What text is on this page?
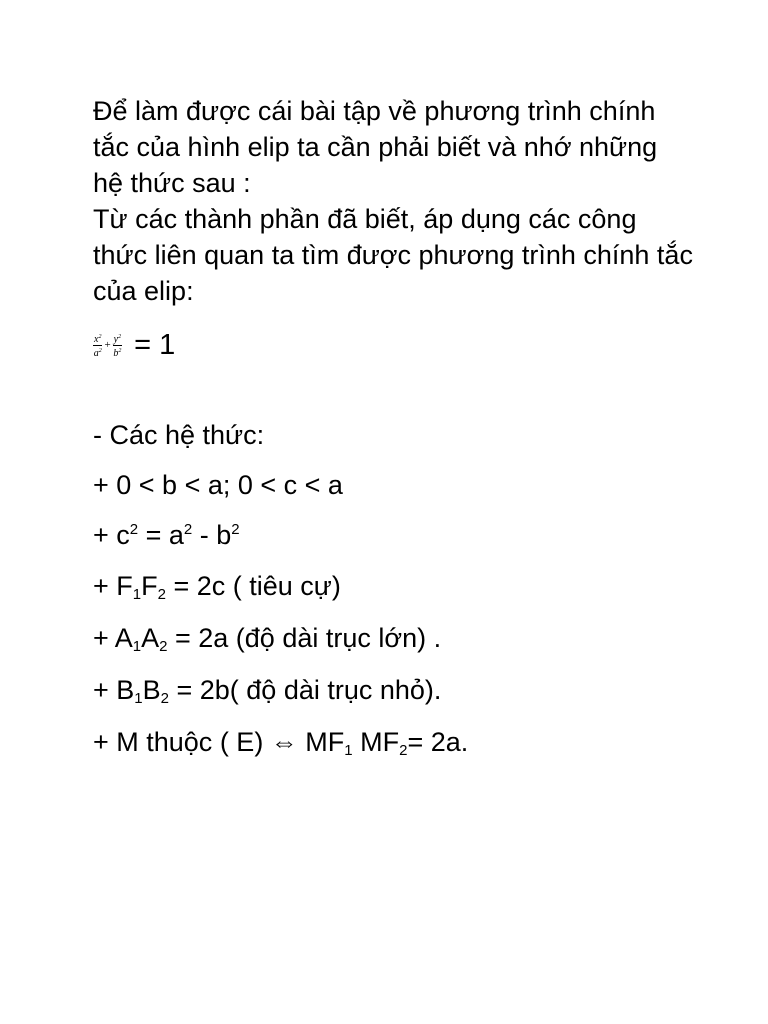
Để làm được cái bài tập về phương trình chính tắc của hình elip ta cần phải biết và nhớ những hệ thức sau :

Từ các thành phần đã biết, áp dụng các công thức liên quan ta tìm được phương trình chính tắc của elip:

$\frac{x^2}{a^2} + \frac{y^2}{b^2} = 1$

- Các hệ thức:

+ 0 < b < a; 0 < c < a

+ $c^2 = a^2 - b^2$

+ $F_1F_2 = 2c$ ( tiêu cự)

+ $A_1A_2 = 2a$ (độ dài trục lớn) .

+ $B_1B_2 = 2b$( độ dài trục nhỏ).

+ M thuộc ( E) ⇔ $MF_1$ $MF_2= 2a$.
